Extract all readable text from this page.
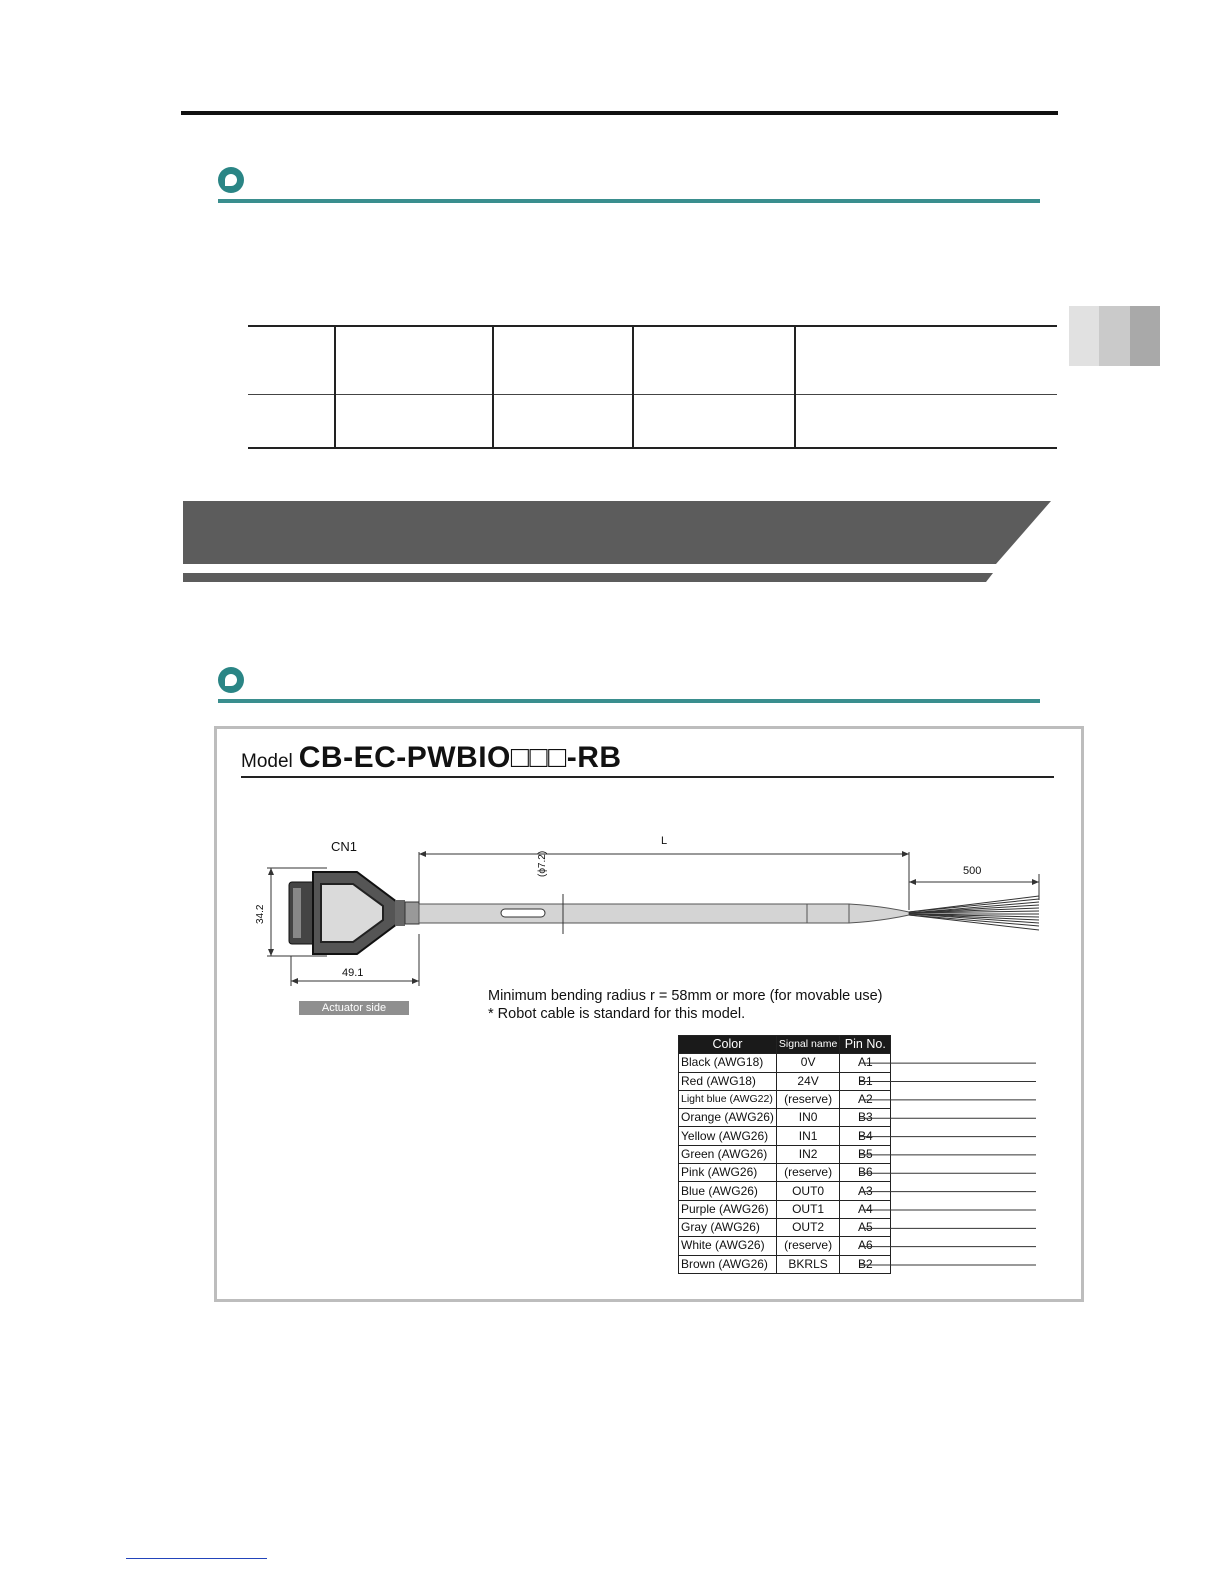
Model CB-EC-PWBIO□□□-RB
CN1	L
500
(ϕ7.2)
34.2
49.1
Actuator side
Minimum bending radius r = 58mm or more (for movable use)
* Robot cable is standard for this model.
Color	Signal name	Pin No.
Black (AWG18)	0V	A1
Red (AWG18)	24V	B1
Light blue (AWG22)	(reserve)	A2
Orange (AWG26)	IN0	B3
Yellow (AWG26)	IN1	B4
Green (AWG26)	IN2	B5
Pink (AWG26)	(reserve)	B6
Blue (AWG26)	OUT0	A3
Purple (AWG26)	OUT1	A4
Gray (AWG26)	OUT2	A5
White (AWG26)	(reserve)	A6
Brown (AWG26)	BKRLS	B2
